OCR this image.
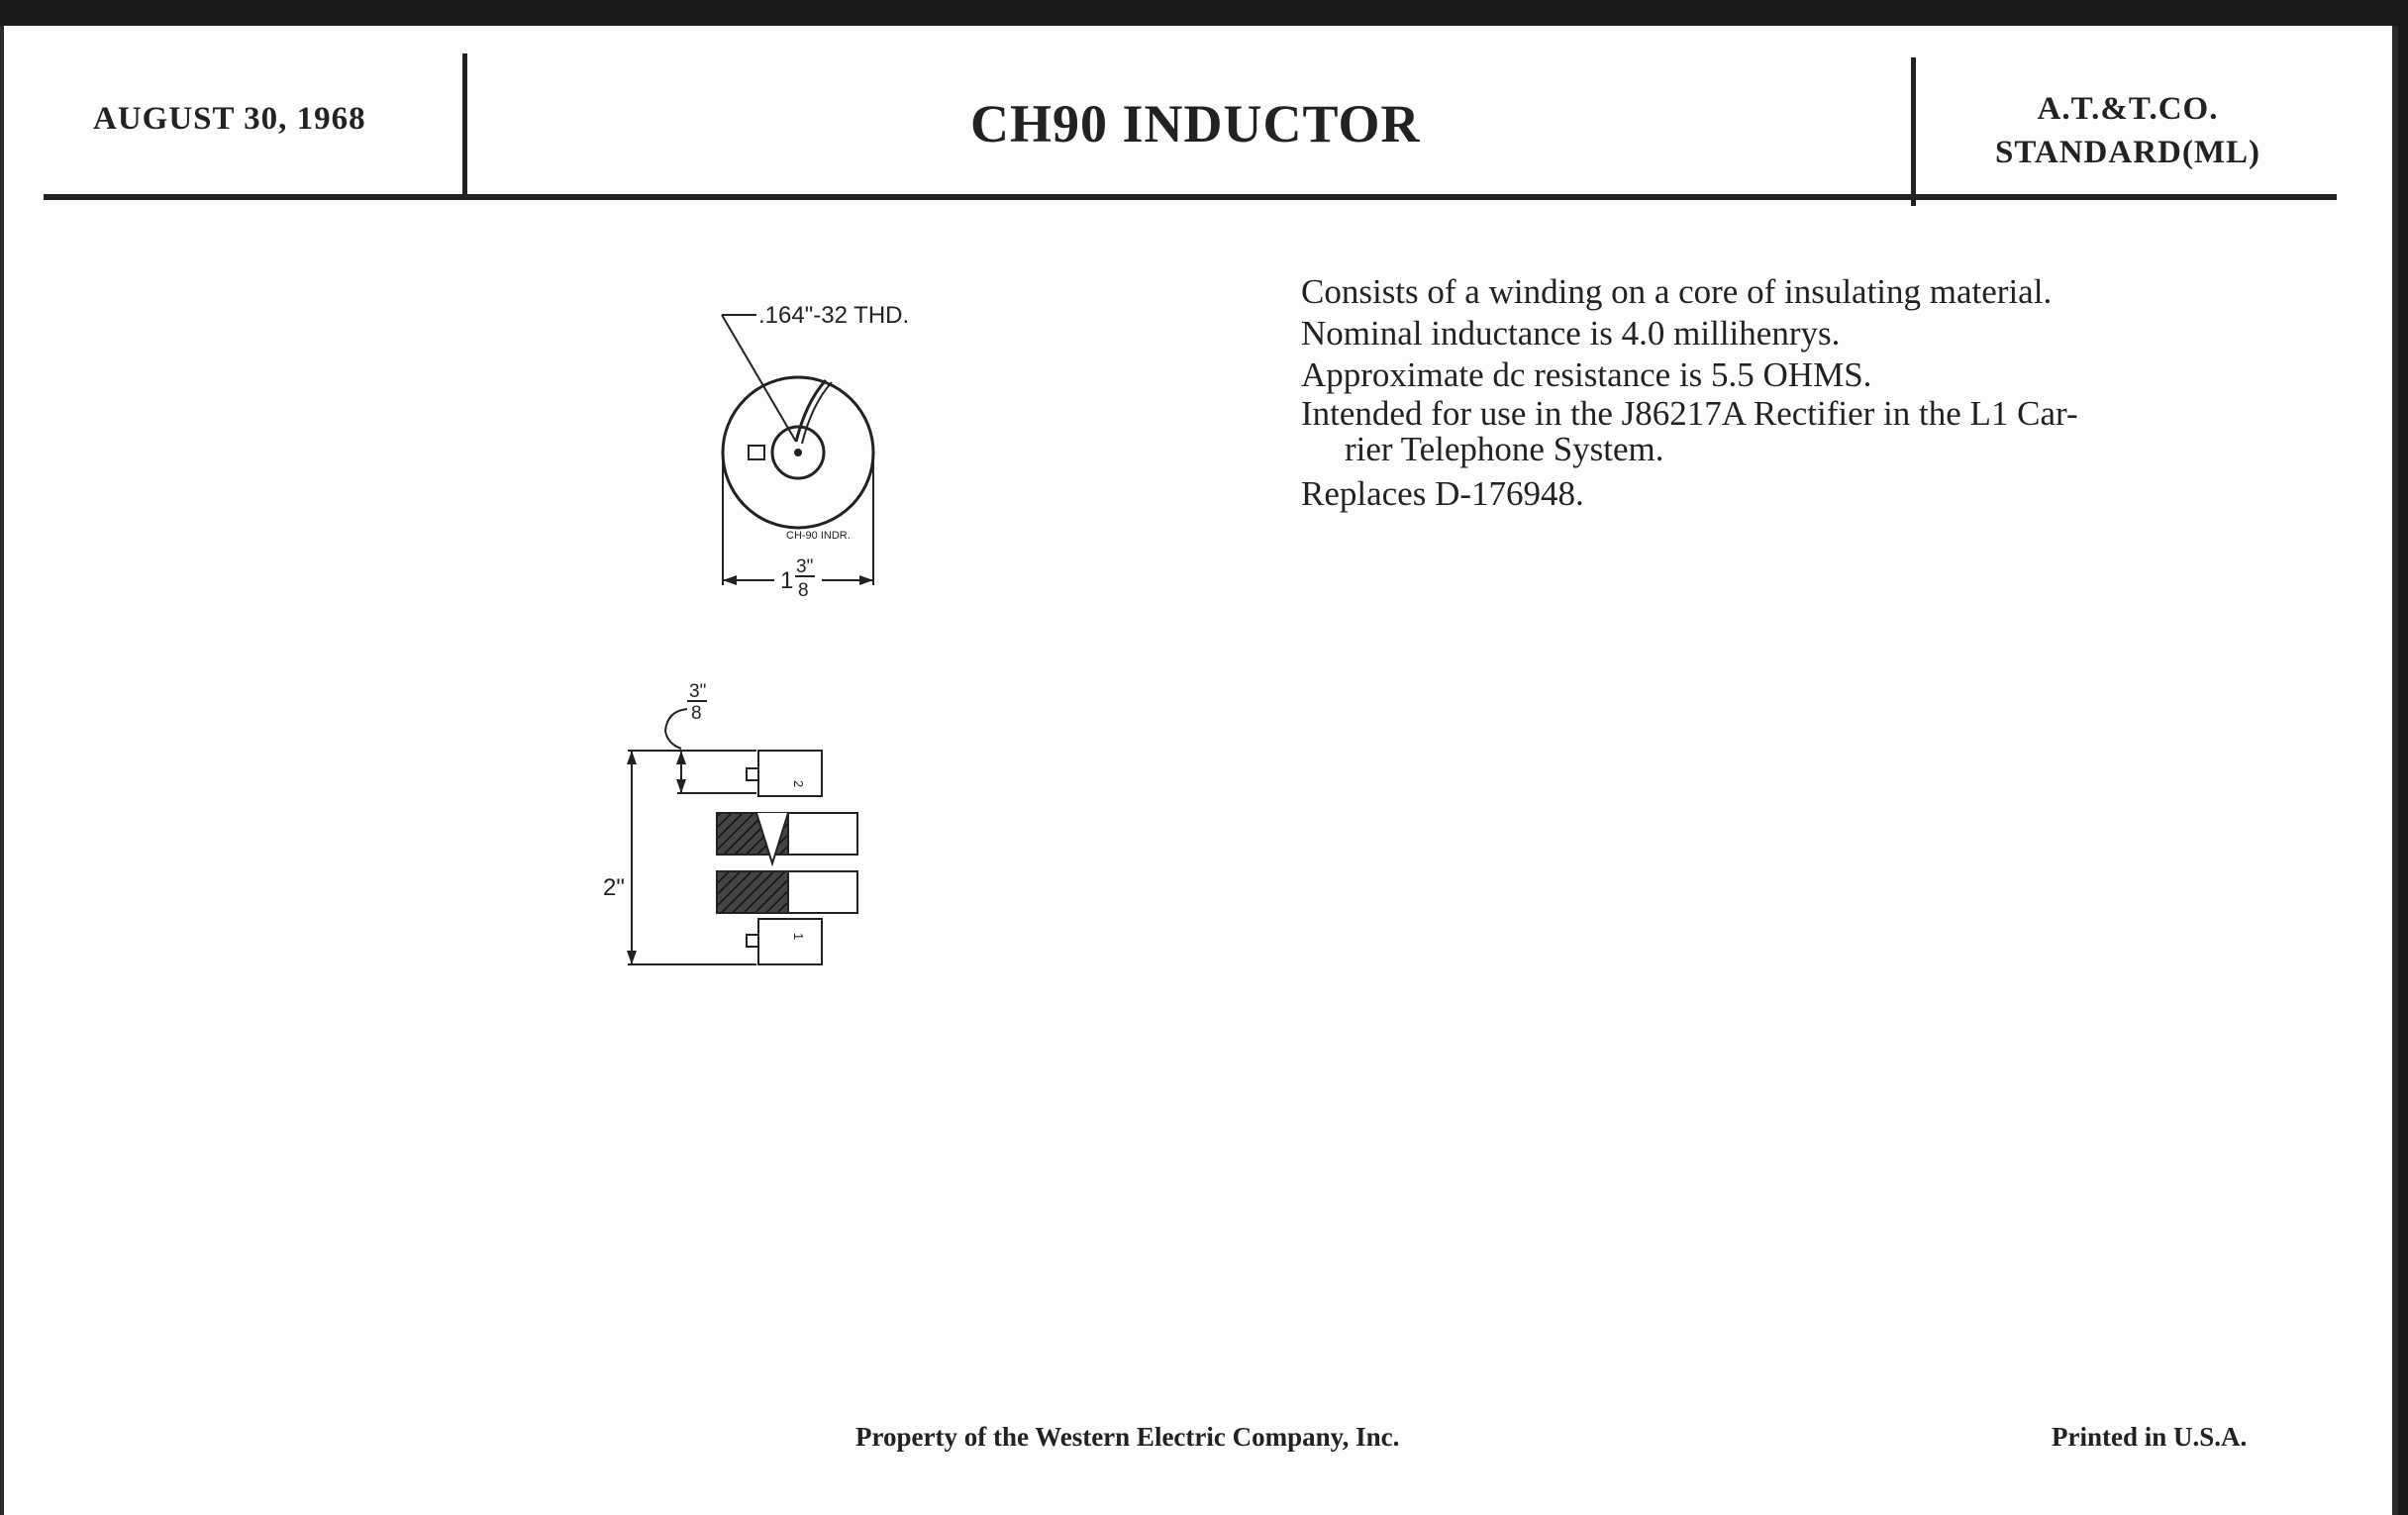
AUGUST 30, 1968	CH90 INDUCTOR	A.T.&T.CO.
STANDARD(ML)

Consists of a winding on a core of insulating material.

Nominal inductance is 4.0 millihenrys.

Approximate dc resistance is 5.5 OHMS.

Intended for use in the J86217A Rectifier in the L1 Car-
rier Telephone System.

Replaces D-176948.

.164"-32 THD.
CH-90 INDR.
1
3"
8
3"
8
2"
2
1
Property of the Western Electric Company, Inc.	Printed in U.S.A.
